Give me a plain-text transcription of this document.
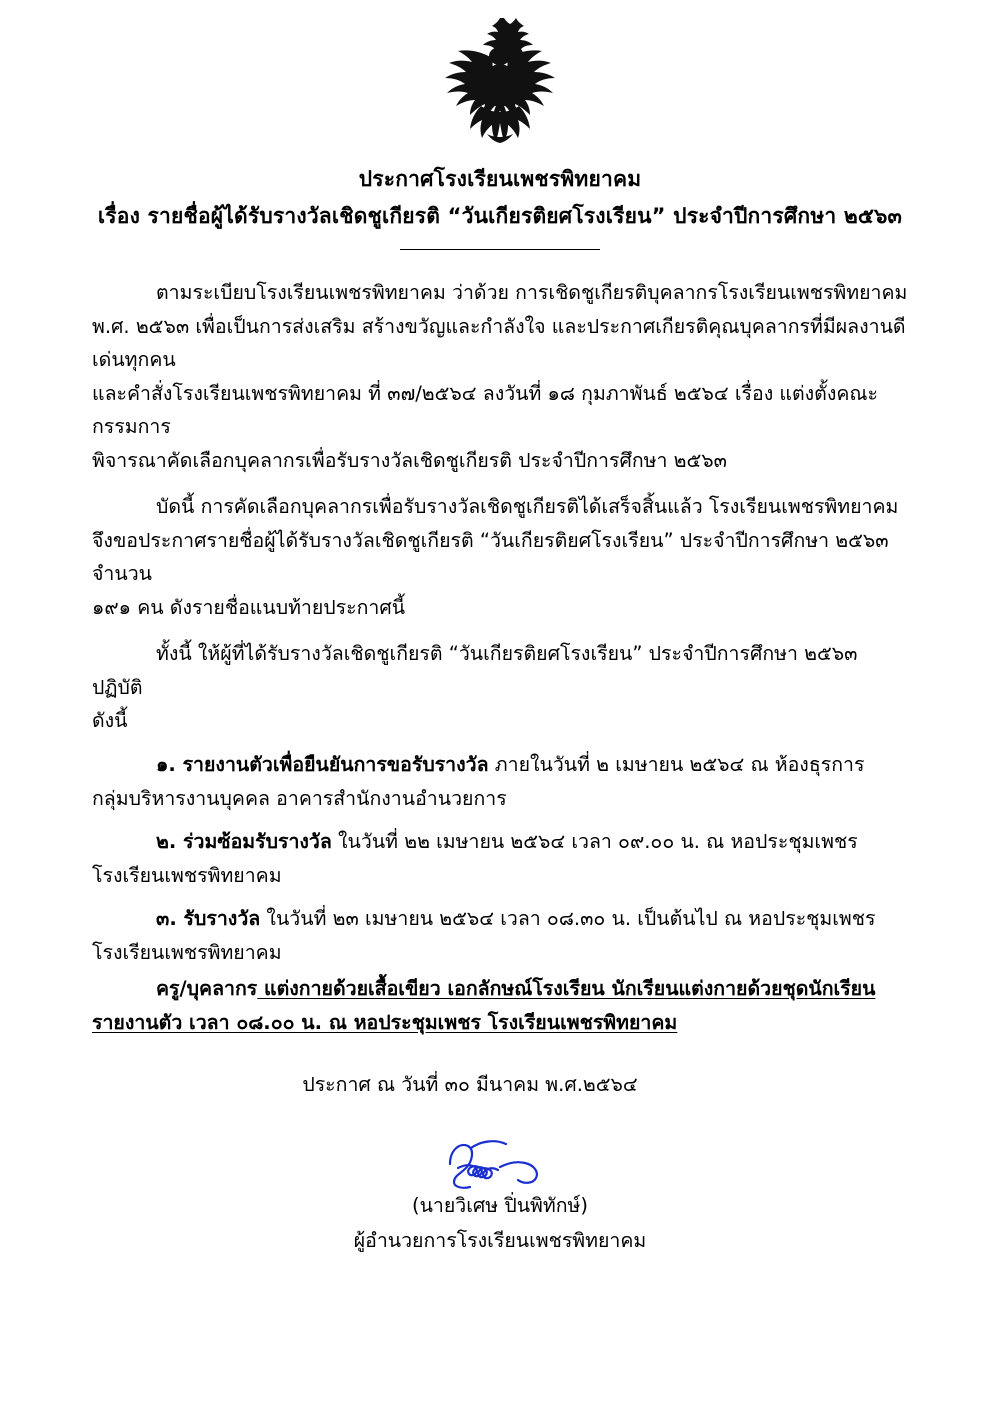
ประกาศโรงเรียนเพชรพิทยาคม
เรื่อง รายชื่อผู้ได้รับรางวัลเชิดชูเกียรติ “วันเกียรติยศโรงเรียน” ประจำปีการศึกษา ๒๕๖๓
ตามระเบียบโรงเรียนเพชรพิทยาคม ว่าด้วย การเชิดชูเกียรติบุคลากรโรงเรียนเพชรพิทยาคม
พ.ศ. ๒๕๖๓ เพื่อเป็นการส่งเสริม สร้างขวัญและกำลังใจ และประกาศเกียรติคุณบุคลากรที่มีผลงานดีเด่นทุกคน
และคำสั่งโรงเรียนเพชรพิทยาคม ที่ ๓๗/๒๕๖๔ ลงวันที่ ๑๘ กุมภาพันธ์ ๒๕๖๔ เรื่อง แต่งตั้งคณะกรรมการ
พิจารณาคัดเลือกบุคลากรเพื่อรับรางวัลเชิดชูเกียรติ ประจำปีการศึกษา ๒๕๖๓
บัดนี้ การคัดเลือกบุคลากรเพื่อรับรางวัลเชิดชูเกียรติได้เสร็จสิ้นแล้ว โรงเรียนเพชรพิทยาคม
จึงขอประกาศรายชื่อผู้ได้รับรางวัลเชิดชูเกียรติ “วันเกียรติยศโรงเรียน” ประจำปีการศึกษา ๒๕๖๓ จำนวน
๑๙๑ คน ดังรายชื่อแนบท้ายประกาศนี้
ทั้งนี้ ให้ผู้ที่ได้รับรางวัลเชิดชูเกียรติ “วันเกียรติยศโรงเรียน” ประจำปีการศึกษา ๒๕๖๓ ปฏิบัติ
ดังนี้
๑. รายงานตัวเพื่อยืนยันการขอรับรางวัล ภายในวันที่ ๒ เมษายน ๒๕๖๔ ณ ห้องธุรการ
กลุ่มบริหารงานบุคคล อาคารสำนักงานอำนวยการ
๒. ร่วมซ้อมรับรางวัล ในวันที่ ๒๒ เมษายน ๒๕๖๔ เวลา ๐๙.๐๐ น. ณ หอประชุมเพชร
โรงเรียนเพชรพิทยาคม
๓. รับรางวัล ในวันที่ ๒๓ เมษายน ๒๕๖๔ เวลา ๐๘.๓๐ น. เป็นต้นไป ณ หอประชุมเพชร
โรงเรียนเพชรพิทยาคม
ครู/บุคลากร แต่งกายด้วยเสื้อเขียว เอกลักษณ์โรงเรียน นักเรียนแต่งกายด้วยชุดนักเรียน
รายงานตัว เวลา ๐๘.๐๐ น. ณ หอประชุมเพชร โรงเรียนเพชรพิทยาคม
ประกาศ ณ วันที่ ๓๐ มีนาคม พ.ศ.๒๕๖๔
(นายวิเศษ ปิ่นพิทักษ์)
ผู้อำนวยการโรงเรียนเพชรพิทยาคม
